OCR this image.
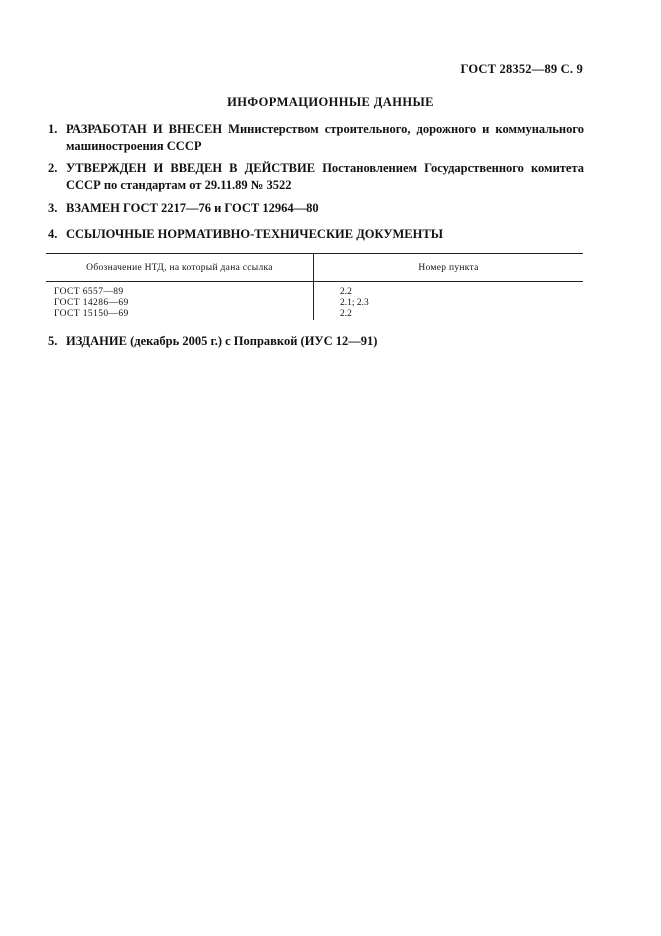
ГОСТ 28352—89 С. 9
ИНФОРМАЦИОННЫЕ ДАННЫЕ
1. РАЗРАБОТАН И ВНЕСЕН Министерством строительного, дорожного и коммунального машиностроения СССР
2. УТВЕРЖДЕН И ВВЕДЕН В ДЕЙСТВИЕ Постановлением Государственного комитета СССР по стандартам от 29.11.89 № 3522
3. ВЗАМЕН ГОСТ 2217—76 и ГОСТ 12964—80
4. ССЫЛОЧНЫЕ НОРМАТИВНО-ТЕХНИЧЕСКИЕ ДОКУМЕНТЫ
Обозначение НТД, на который дана ссылка	Номер пункта
ГОСТ 6557—89	2.2
ГОСТ 14286—69	2.1; 2.3
ГОСТ 15150—69	2.2
5. ИЗДАНИЕ (декабрь 2005 г.) с Поправкой (ИУС 12—91)
